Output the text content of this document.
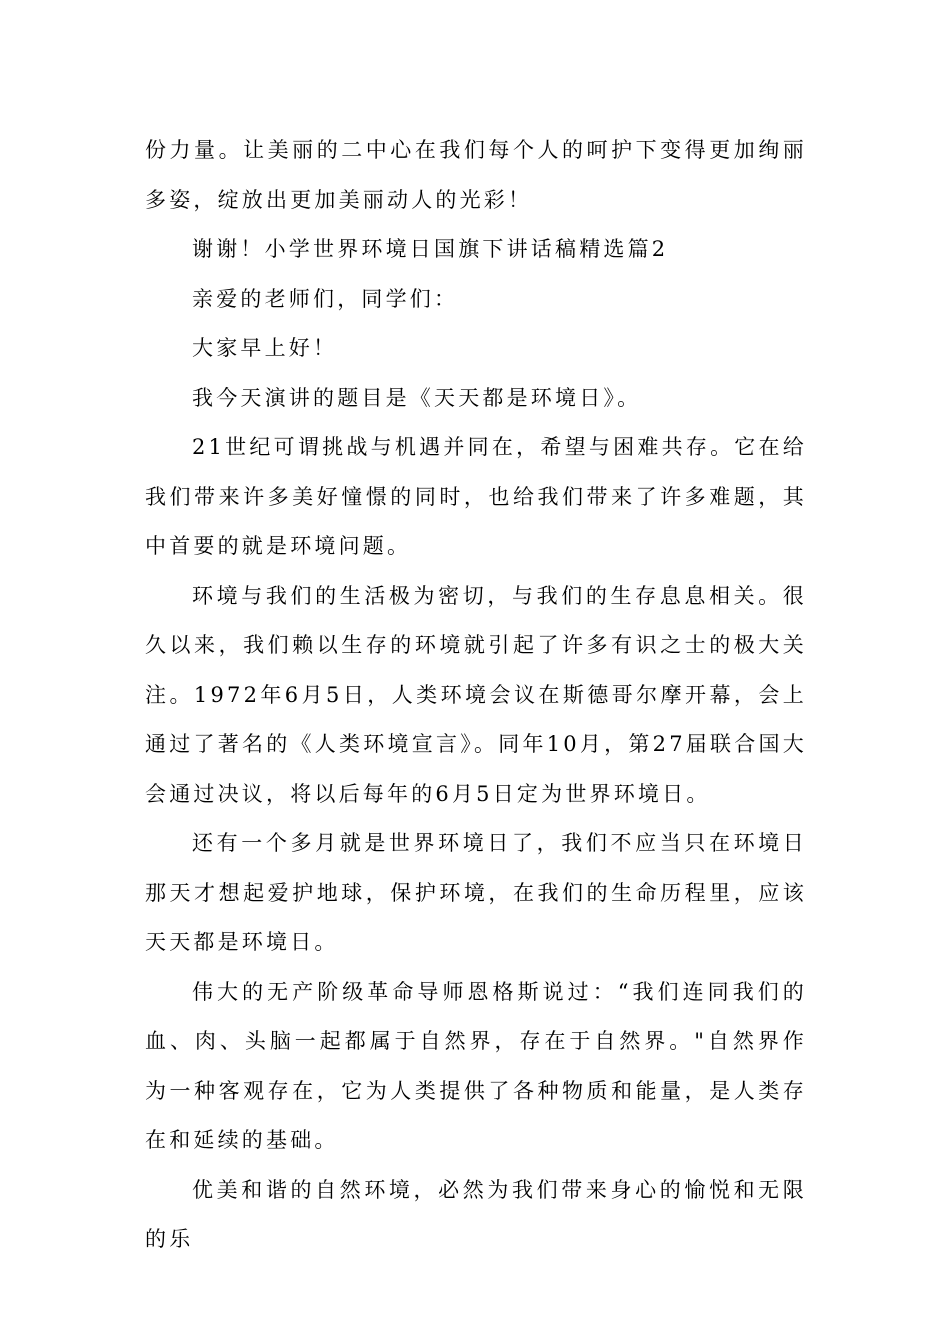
份力量。让美丽的二中心在我们每个人的呵护下变得更加绚丽多姿，绽放出更加美丽动人的光彩！

谢谢！小学世界环境日国旗下讲话稿精选篇2

亲爱的老师们，同学们：

大家早上好！

我今天演讲的题目是《天天都是环境日》。

21世纪可谓挑战与机遇并同在，希望与困难共存。它在给我们带来许多美好憧憬的同时，也给我们带来了许多难题，其中首要的就是环境问题。

环境与我们的生活极为密切，与我们的生存息息相关。很久以来，我们赖以生存的环境就引起了许多有识之士的极大关注。1972年6月5日，人类环境会议在斯德哥尔摩开幕，会上通过了著名的《人类环境宣言》。同年10月，第27届联合国大会通过决议，将以后每年的6月5日定为世界环境日。

还有一个多月就是世界环境日了，我们不应当只在环境日那天才想起爱护地球，保护环境，在我们的生命历程里，应该天天都是环境日。

伟大的无产阶级革命导师恩格斯说过：“我们连同我们的血、肉、头脑一起都属于自然界，存在于自然界。"自然界作为一种客观存在，它为人类提供了各种物质和能量，是人类存在和延续的基础。

优美和谐的自然环境，必然为我们带来身心的愉悦和无限的乐
